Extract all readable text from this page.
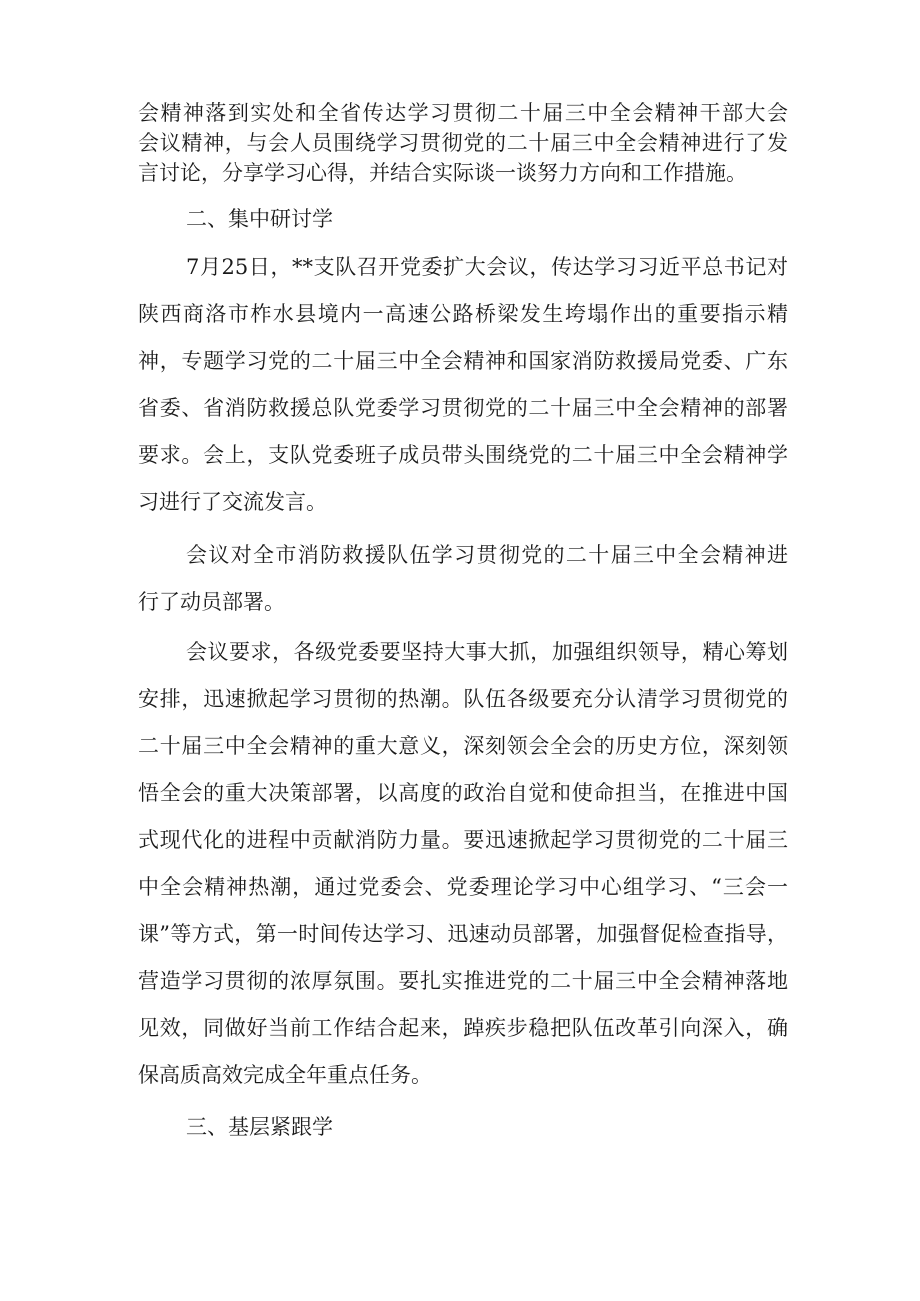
会精神落到实处和全省传达学习贯彻二十届三中全会精神干部大会

会议精神，与会人员围绕学习贯彻党的二十届三中全会精神进行了发

言讨论，分享学习心得，并结合实际谈一谈努力方向和工作措施。

二、集中研讨学

7月25日，**支队召开党委扩大会议，传达学习习近平总书记对

陕西商洛市柞水县境内一高速公路桥梁发生垮塌作出的重要指示精

神，专题学习党的二十届三中全会精神和国家消防救援局党委、广东

省委、省消防救援总队党委学习贯彻党的二十届三中全会精神的部署

要求。会上，支队党委班子成员带头围绕党的二十届三中全会精神学

习进行了交流发言。

会议对全市消防救援队伍学习贯彻党的二十届三中全会精神进

行了动员部署。

会议要求，各级党委要坚持大事大抓，加强组织领导，精心筹划

安排，迅速掀起学习贯彻的热潮。队伍各级要充分认清学习贯彻党的

二十届三中全会精神的重大意义，深刻领会全会的历史方位，深刻领

悟全会的重大决策部署，以高度的政治自觉和使命担当，在推进中国

式现代化的进程中贡献消防力量。要迅速掀起学习贯彻党的二十届三

中全会精神热潮，通过党委会、党委理论学习中心组学习、“三会一

课”等方式，第一时间传达学习、迅速动员部署，加强督促检查指导，

营造学习贯彻的浓厚氛围。要扎实推进党的二十届三中全会精神落地

见效，同做好当前工作结合起来，踔疾步稳把队伍改革引向深入，确

保高质高效完成全年重点任务。

三、基层紧跟学
